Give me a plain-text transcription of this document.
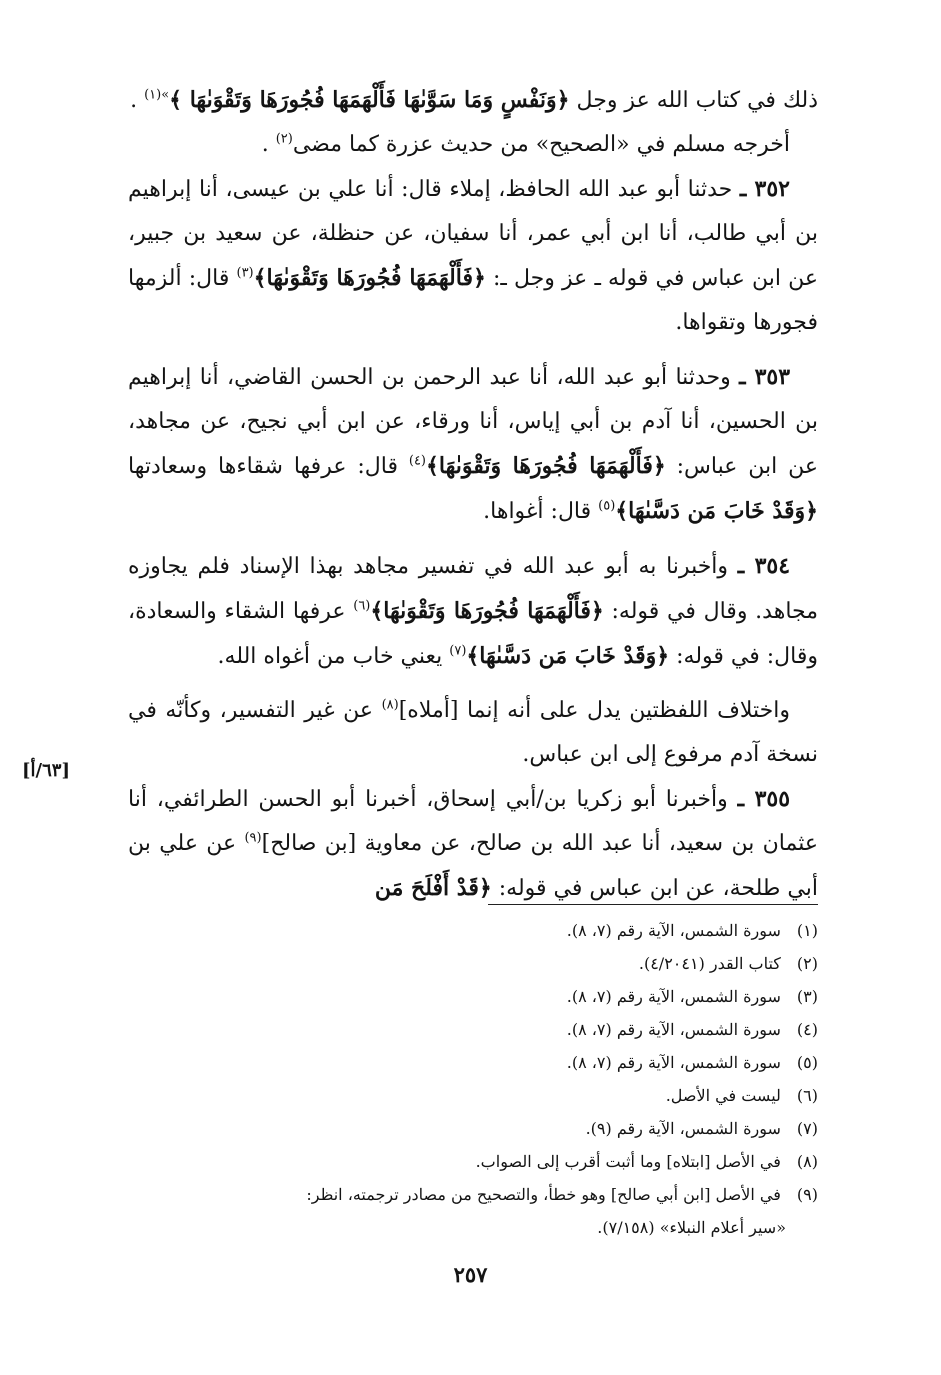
ذلك في كتاب الله عز وجل ﴿وَنَفْسٍ وَمَا سَوَّىٰهَا فَأَلْهَمَهَا فُجُورَهَا وَتَقْوَىٰهَا ﴾$^{»(١)}$ .

أخرجه مسلم في «الصحيح» من حديث عزرة كما مضى$^{(٢)}$ .

٣٥٢ ـ حدثنا أبو عبد الله الحافظ، إملاء قال: أنا علي بن عيسى، أنا إبراهيم بن أبي طالب، أنا ابن أبي عمر، أنا سفيان، عن حنظلة، عن سعيد بن جبير، عن ابن عباس في قوله ـ عز وجل ـ: ﴿فَأَلْهَمَهَا فُجُورَهَا وَتَقْوَىٰهَا﴾$^{(٣)}$ قال: ألزمها فجورها وتقواها.

٣٥٣ ـ وحدثنا أبو عبد الله، أنا عبد الرحمن بن الحسن القاضي، أنا إبراهيم بن الحسين، أنا آدم بن أبي إياس، أنا ورقاء، عن ابن أبي نجيح، عن مجاهد، عن ابن عباس: ﴿فَأَلْهَمَهَا فُجُورَهَا وَتَقْوَىٰهَا﴾$^{(٤)}$ قال: عرفها شقاءها وسعادتها ﴿وَقَدْ خَابَ مَن دَسَّىٰهَا﴾$^{(٥)}$ قال: أغواها.

٣٥٤ ـ وأخبرنا به أبو عبد الله في تفسير مجاهد بهذا الإسناد فلم يجاوزه مجاهد. وقال في قوله: ﴿فَأَلْهَمَهَا فُجُورَهَا وَتَقْوَىٰهَا﴾$^{(٦)}$ عرفها الشقاء والسعادة، وقال: في قوله: ﴿وَقَدْ خَابَ مَن دَسَّىٰهَا﴾$^{(٧)}$ يعني خاب من أغواه الله.

واختلاف اللفظتين يدل على أنه إنما [أملاه]$^{(٨)}$ عن غير التفسير، وكأنّه في نسخة آدم مرفوع إلى ابن عباس.

٣٥٥ ـ وأخبرنا أبو زكريا بن/أبي إسحاق، أخبرنا أبو الحسن الطرائفي، أنا عثمان بن سعيد، أنا عبد الله بن صالح، عن معاوية [بن صالح]$^{(٩)}$ عن علي بن أبي طلحة، عن ابن عباس في قوله: ﴿قَدْ أَفْلَحَ مَن

[٦٣/أ]

(١) سورة الشمس، الآية رقم (٧، ٨).

(٢) كتاب القدر (٤/٢٠٤١).

(٣) سورة الشمس، الآية رقم (٧، ٨).

(٤) سورة الشمس، الآية رقم (٧، ٨).

(٥) سورة الشمس، الآية رقم (٧، ٨).

(٦) ليست في الأصل.

(٧) سورة الشمس، الآية رقم (٩).

(٨) في الأصل [ابتلاه] وما أثبت أقرب إلى الصواب.

(٩) في الأصل [ابن أبي صالح] وهو خطأ، والتصحيح من مصادر ترجمته، انظر:

«سير أعلام النبلاء» (٧/١٥٨).

٢٥٧
